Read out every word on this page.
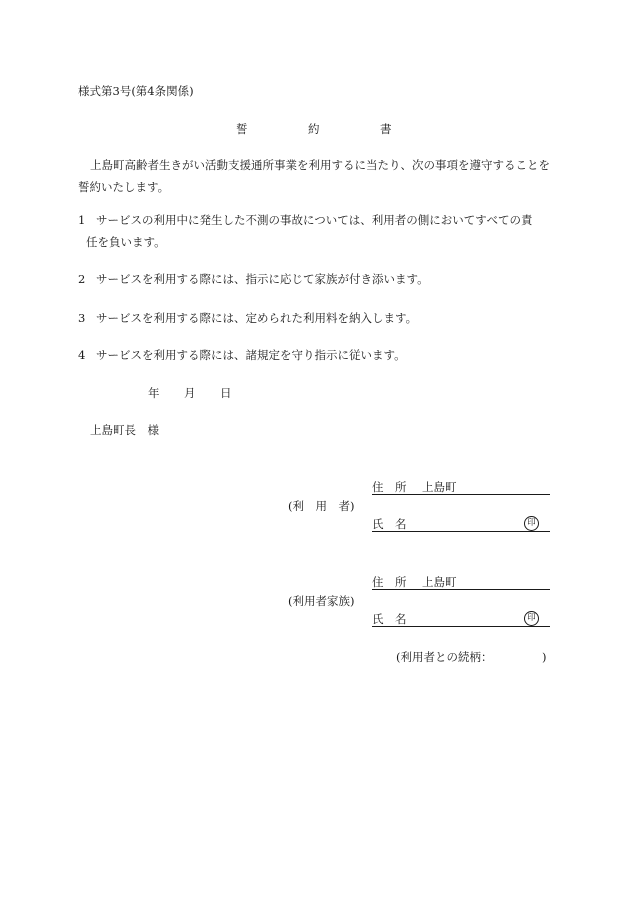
様式第3号(第4条関係)
誓	約	書
上島町高齢者生きがい活動支援通所事業を利用するに当たり、次の事項を遵守することを誓約いたします。
1 サービスの利用中に発生した不測の事故については、利用者の側においてすべての責
任を負います。
2 サービスを利用する際には、指示に応じて家族が付き添います。
3 サービスを利用する際には、定められた利用料を納入します。
4 サービスを利用する際には、諸規定を守り指示に従います。
年 月 日
上島町長　様
(利　用　者)
住　所 上島町
氏　名	印
(利用者家族)
住　所 上島町
氏　名	印
(利用者との続柄：	)
